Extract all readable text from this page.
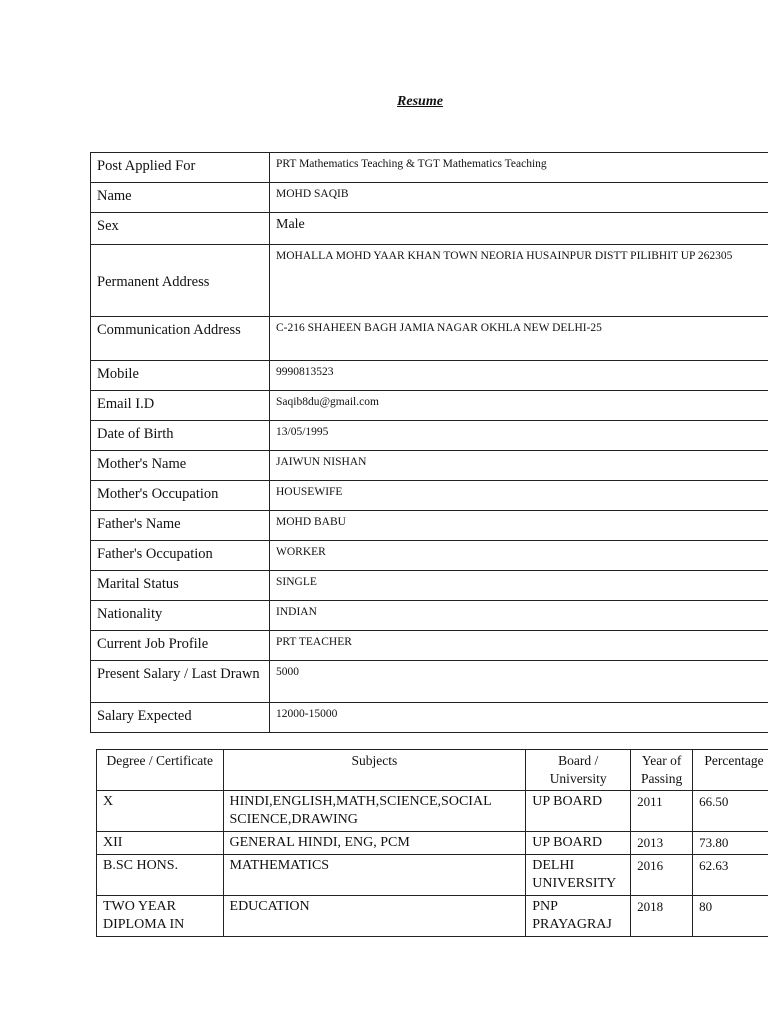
Resume
Post Applied For	PRT Mathematics Teaching & TGT Mathematics Teaching
Name	MOHD SAQIB
Sex	Male
Permanent Address	MOHALLA MOHD YAAR KHAN TOWN NEORIA HUSAINPUR DISTT PILIBHIT UP 262305
Communication Address	C-216 SHAHEEN BAGH JAMIA NAGAR OKHLA NEW DELHI-25
Mobile	9990813523
Email I.D	Saqib8du@gmail.com
Date of Birth	13/05/1995
Mother's Name	JAIWUN NISHAN
Mother's Occupation	HOUSEWIFE
Father's Name	MOHD BABU
Father's Occupation	WORKER
Marital Status	SINGLE
Nationality	INDIAN
Current Job Profile	PRT TEACHER
Present Salary / Last Drawn	5000
Salary Expected	12000-15000
Degree / Certificate	Subjects	Board / University	Year of Passing	Percentage
X	HINDI,ENGLISH,MATH,SCIENCE,SOCIAL SCIENCE,DRAWING	UP BOARD	2011	66.50
XII	GENERAL HINDI, ENG, PCM	UP BOARD	2013	73.80
B.SC HONS.	MATHEMATICS	DELHI UNIVERSITY	2016	62.63
TWO YEAR DIPLOMA IN	EDUCATION	PNP PRAYAGRAJ	2018	80
